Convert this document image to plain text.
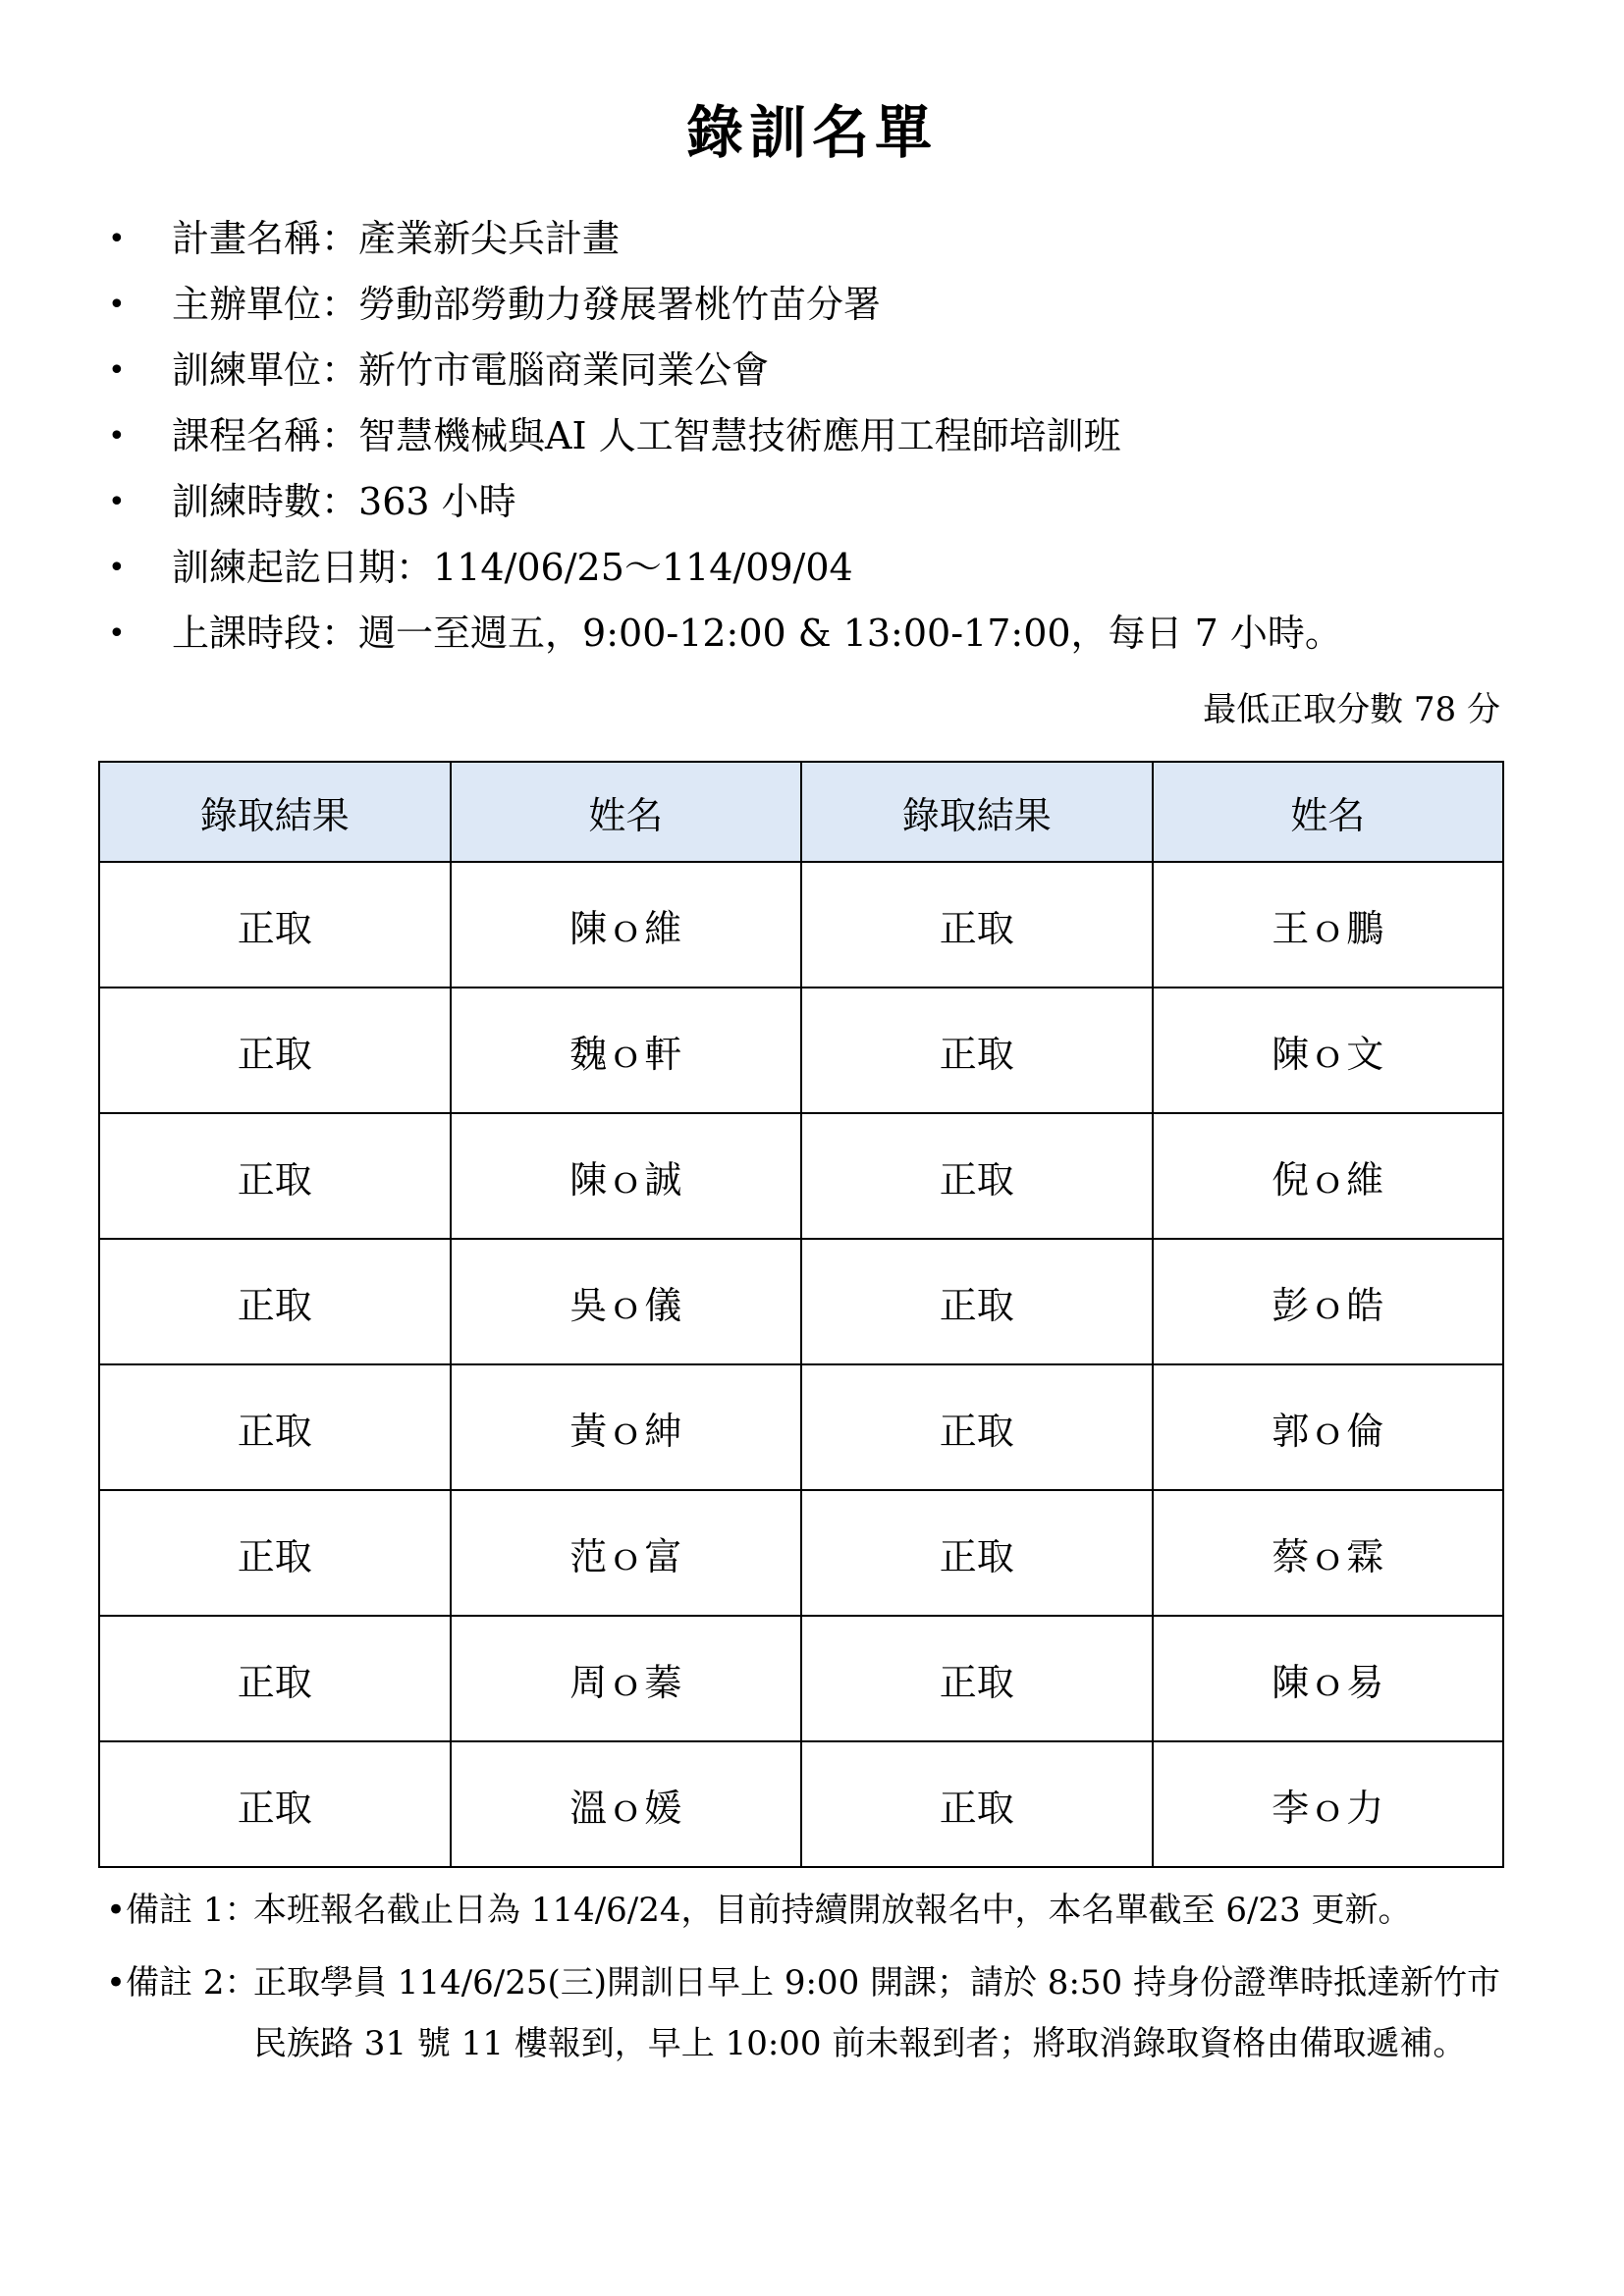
錄訓名單
• 計畫名稱：產業新尖兵計畫
• 主辦單位：勞動部勞動力發展署桃竹苗分署
• 訓練單位：新竹市電腦商業同業公會
• 課程名稱：智慧機械與AI 人工智慧技術應用工程師培訓班
• 訓練時數：363 小時
• 訓練起訖日期：114/06/25～114/09/04
• 上課時段：週一至週五，9:00-12:00 & 13:00-17:00，每日 7 小時。
最低正取分數 78 分
錄取結果	姓名	錄取結果	姓名
正取	陳ｏ維	正取	王ｏ鵬
正取	魏ｏ軒	正取	陳ｏ文
正取	陳ｏ誠	正取	倪ｏ維
正取	吳ｏ儀	正取	彭ｏ皓
正取	黃ｏ紳	正取	郭ｏ倫
正取	范ｏ富	正取	蔡ｏ霖
正取	周ｏ蓁	正取	陳ｏ易
正取	溫ｏ媛	正取	李ｏ力
•備註 1：
本班報名截止日為 114/6/24，目前持續開放報名中，本名單截至 6/23 更新。
•備註 2：
正取學員 114/6/25(三)開訓日早上 9:00 開課；請於 8:50 持身份證準時抵達新竹市民族路 31 號 11 樓報到，早上 10:00 前未報到者；將取消錄取資格由備取遞補。
